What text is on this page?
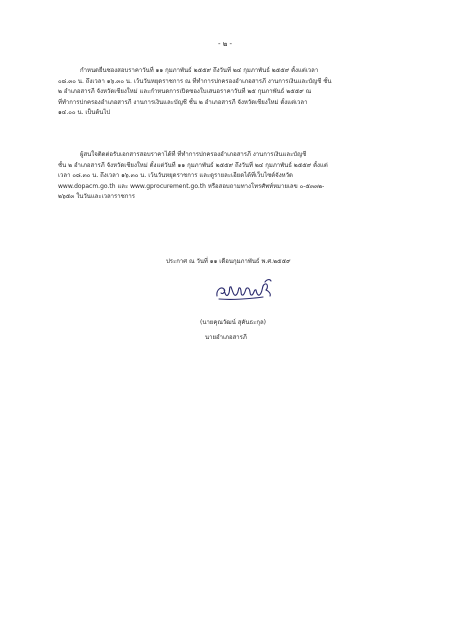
- ๒ -
กำหนดยื่นซองสอบราคาวันที่ ๑๑ กุมภาพันธ์ ๒๕๕๙ ถึงวันที่ ๒๔ กุมภาพันธ์ ๒๕๕๙ ตั้งแต่เวลา
๐๘.๓๐ น. ถึงเวลา ๑๖.๓๐ น. เว้นวันหยุดราชการ ณ ที่ทำการปกครองอำเภอสารภี งานการเงินและบัญชี ชั้น
๒ อำเภอสารภี จังหวัดเชียงใหม่ และกำหนดการเปิดซองใบเสนอราคาวันที่ ๒๕ กุมภาพันธ์ ๒๕๕๙ ณ
ที่ทำการปกครองอำเภอสารภี งานการเงินและบัญชี ชั้น ๒ อำเภอสารภี จังหวัดเชียงใหม่ ตั้งแต่เวลา
๑๔.๐๐ น. เป็นต้นไป
ผู้สนใจติดต่อรับเอกสารสอบราคาได้ที่ ที่ทำการปกครองอำเภอสารภี งานการเงินและบัญชี
ชั้น ๒ อำเภอสารภี จังหวัดเชียงใหม่ ตั้งแต่วันที่ ๑๑ กุมภาพันธ์ ๒๕๕๙ ถึงวันที่ ๒๔ กุมภาพันธ์ ๒๕๕๙ ตั้งแต่
เวลา ๐๘.๓๐ น. ถึงเวลา ๑๖.๓๐ น. เว้นวันหยุดราชการ และดูรายละเอียดได้ที่เว็บไซต์จังหวัด
www.dopacm.go.th และ www.gprocurement.go.th หรือสอบถามทางโทรศัพท์หมายเลข ๐-๕๓๓๒-
๒๖๕๓ ในวันและเวลาราชการ
ประกาศ ณ วันที่ ๑๑ เดือนกุมภาพันธ์ พ.ศ.๒๕๕๙
(นายคุณวัฒน์ สุคันธะกุล)
นายอำเภอสารภี
